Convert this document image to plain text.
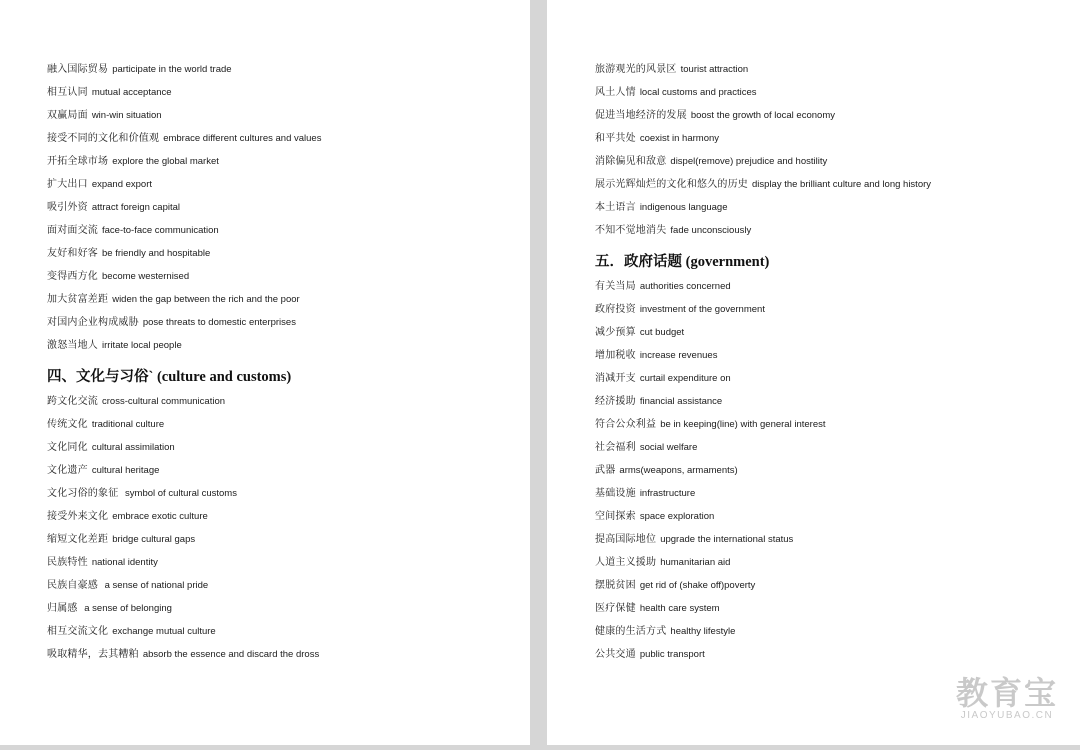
融入国际贸易 participate in the world trade
相互认同 mutual acceptance
双赢局面 win-win situation
接受不同的文化和价值观 embrace different cultures and values
开拓全球市场 explore the global market
扩大出口 expand export
吸引外资 attract foreign capital
面对面交流 face-to-face communication
友好和好客 be friendly and hospitable
变得西方化 become westernised
加大贫富差距 widen the gap between the rich and the poor
对国内企业构成威胁 pose threats to domestic enterprises
激怒当地人 irritate local people
四、文化与习俗` (culture and customs)
跨文化交流 cross-cultural communication
传统文化 traditional culture
文化同化 cultural assimilation
文化遗产 cultural heritage
文化习俗的象征 symbol of cultural customs
接受外来文化 embrace exotic culture
缩短文化差距 bridge cultural gaps
民族特性 national identity
民族自豪感 a sense of national pride
归属感 a sense of belonging
相互交流文化 exchange mutual culture
吸取精华，去其糟粕 absorb the essence and discard the dross
旅游观光的风景区 tourist attraction
风土人情 local customs and practices
促进当地经济的发展 boost the growth of local economy
和平共处 coexist in harmony
消除偏见和敌意 dispel(remove) prejudice and hostility
展示光辉灿烂的文化和悠久的历史 display the brilliant culture and long history
本土语言 indigenous language
不知不觉地消失 fade unconsciously
五．政府话题 (government)
有关当局 authorities concerned
政府投资 investment of the government
减少预算 cut budget
增加税收 increase revenues
消减开支 curtail expenditure on
经济援助 financial assistance
符合公众利益 be in keeping(line) with general interest
社会福利 social welfare
武器 arms(weapons, armaments)
基础设施 infrastructure
空间探索 space exploration
提高国际地位 upgrade the international status
人道主义援助 humanitarian aid
摆脱贫困 get rid of (shake off)poverty
医疗保健 health care system
健康的生活方式 healthy lifestyle
公共交通 public transport
教育宝
JIAOYUBAO.CN
